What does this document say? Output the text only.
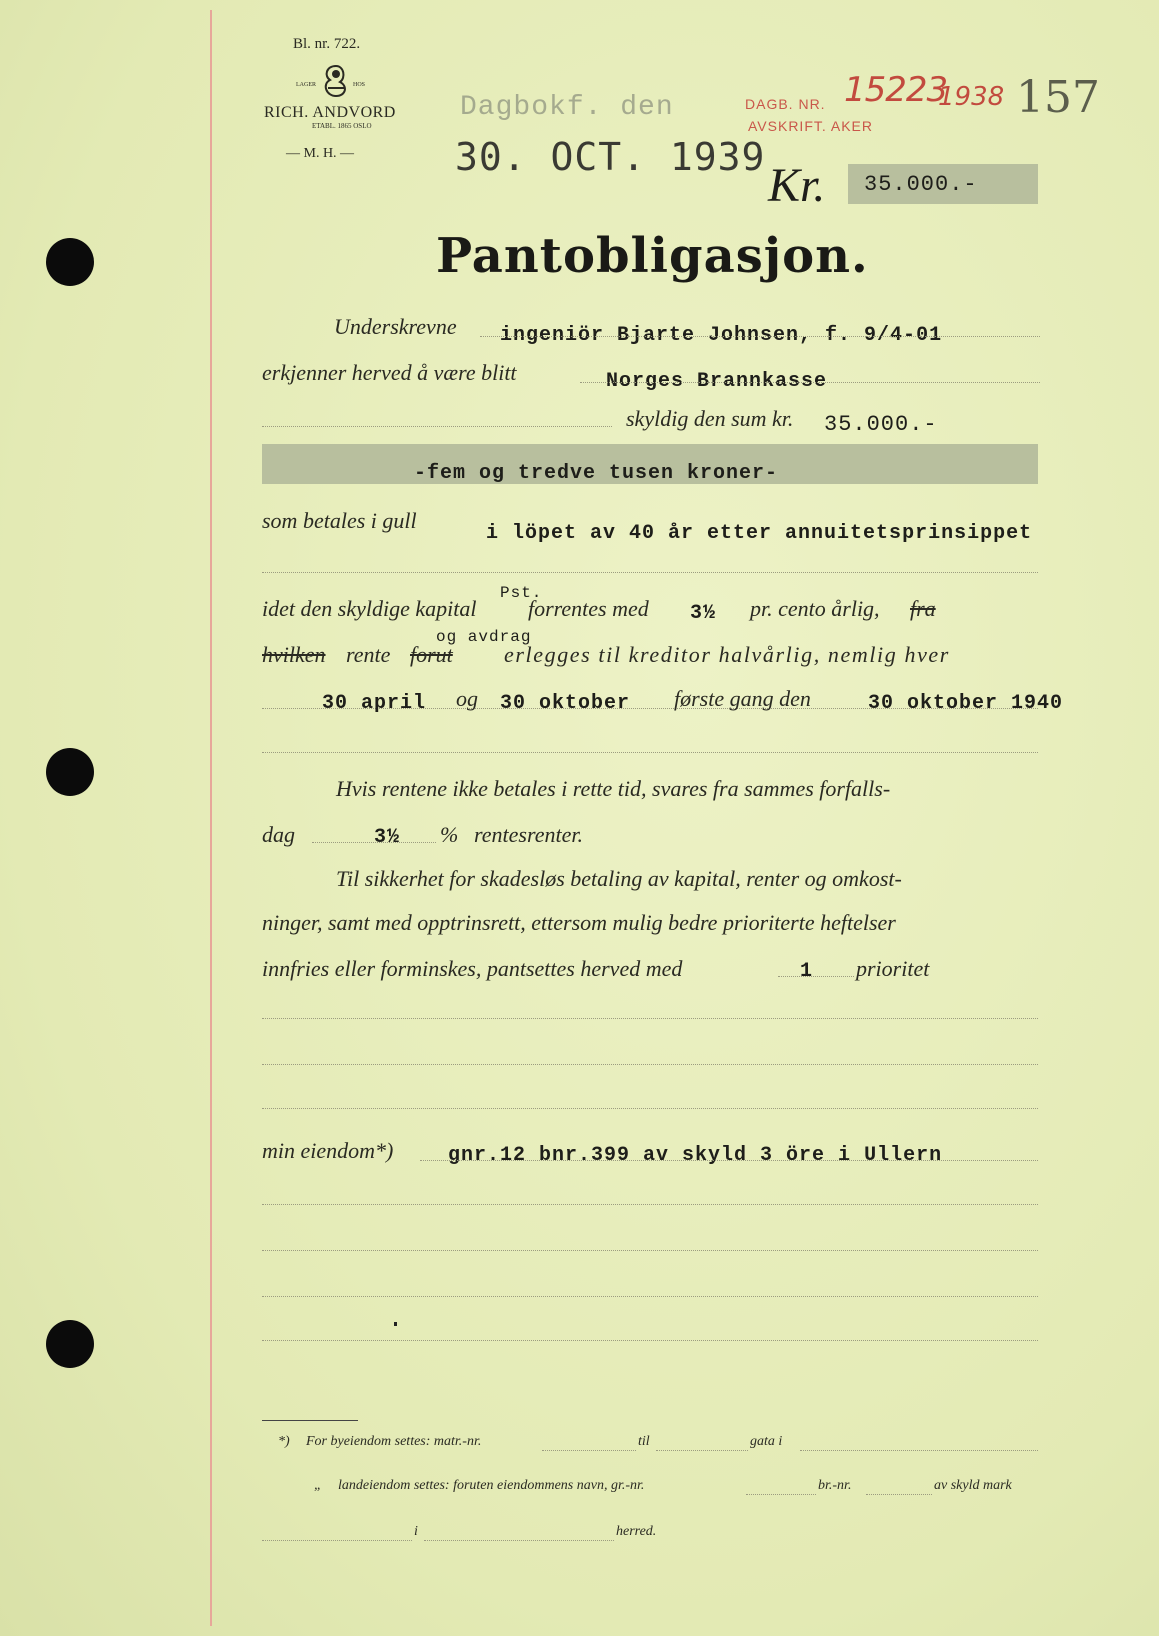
Bl. nr. 722.
LAGER	HOS
RICH. ANDVORD
ETABL. 1865 OSLO
— M. H. —
Dagbokf. den
30. OCT. 1939
DAGB. NR. 15223
1938
AVSKRIFT. AKER
157
Kr. 35.000.-
Pantobligasjon.
Underskrevne ingeniör Bjarte Johnsen, f. 9/4-01
erkjenner herved å være blitt	Norges Brannkasse
skyldig den sum kr. 35.000.-
-fem og tredve tusen kroner-
som betales i gull
i löpet av 40 år etter annuitetsprinsippet
idet den skyldige kapital
Pst.
forrentes med 3½ pr. cento årlig, fra
hvilken rente forut
og avdrag
erlegges til kreditor halvårlig, nemlig hver
30 april og 30 oktober første gang den	30 oktober 1940
Hvis rentene ikke betales i rette tid, svares fra sammes forfalls-
dag	3½ % rentesrenter.
Til sikkerhet for skadesløs betaling av kapital, renter og omkost-
ninger, samt med opptrinsrett, ettersom mulig bedre prioriterte heftelser
innfries eller forminskes, pantsettes herved med	1 prioritet
min eiendom*)	gnr.12 bnr.399 av skyld 3 öre i Ullern
*) For byeiendom settes: matr.-nr.	til	gata i
„ landeiendom settes: foruten eiendommens navn, gr.-nr.	br.-nr.	av skyld mark
i	herred.
